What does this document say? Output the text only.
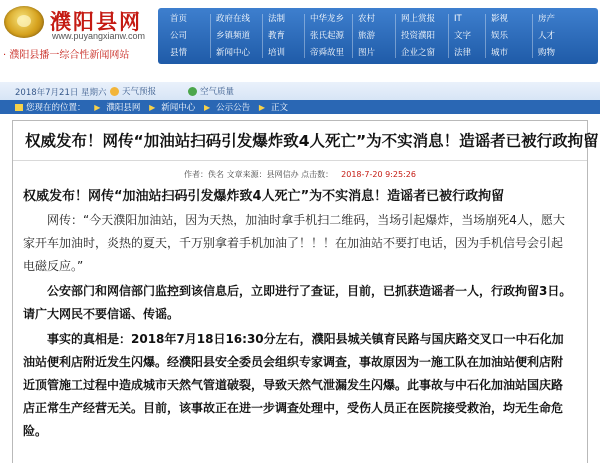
濮阳县网
www.puyangxianw.com
· 濮阳县播一综合性新闻网站
首页
公司
县情
政府在线
乡镇频道
新闻中心
法制
教育
培训
中华龙乡
张氏起源
帝舜故里
农村
旅游
图片
网上赏报
投资濮阳
企业之窗
IT
文字
法律
影视
娱乐
城市
房产
人才
购物
2018年7月21日 星期六	天气预报	空气质量
您现在的位置： ▶ 濮阳县网 ▶ 新闻中心 ▶ 公示公告 ▶ 正文
权威发布！网传“加油站扫码引发爆炸致4人死亡”为不实消息！造谣者已被行政拘留
作者：佚名 文章来源：县网信办 点击数： 2018-7-20 9:25:26
权威发布！网传“加油站扫码引发爆炸致4人死亡”为不实消息！造谣者已被行政拘留

网传：“今天濮阳加油站，因为天热，加油时拿手机扫二维码，当场引起爆炸，当场崩死4人，愿大家开车加油时，炎热的夏天，千万别拿着手机加油了！！！在加油站不要打电话，因为手机信号会引起电磁反应。”

公安部门和网信部门监控到该信息后，立即进行了查证，目前，已抓获造谣者一人，行政拘留3日。请广大网民不要信谣、传谣。

事实的真相是：2018年7月18日16:30分左右，濮阳县城关镇育民路与国庆路交叉口一中石化加油站便利店附近发生闪爆。经濮阳县安全委员会组织专家调查，事故原因为一施工队在加油站便利店附近顶管施工过程中造成城市天然气管道破裂，导致天然气泄漏发生闪爆。此事故与中石化加油站国庆路店正常生产经营无关。目前，该事故正在进一步调查处理中，受伤人员正在医院接受救治，均无生命危险。
